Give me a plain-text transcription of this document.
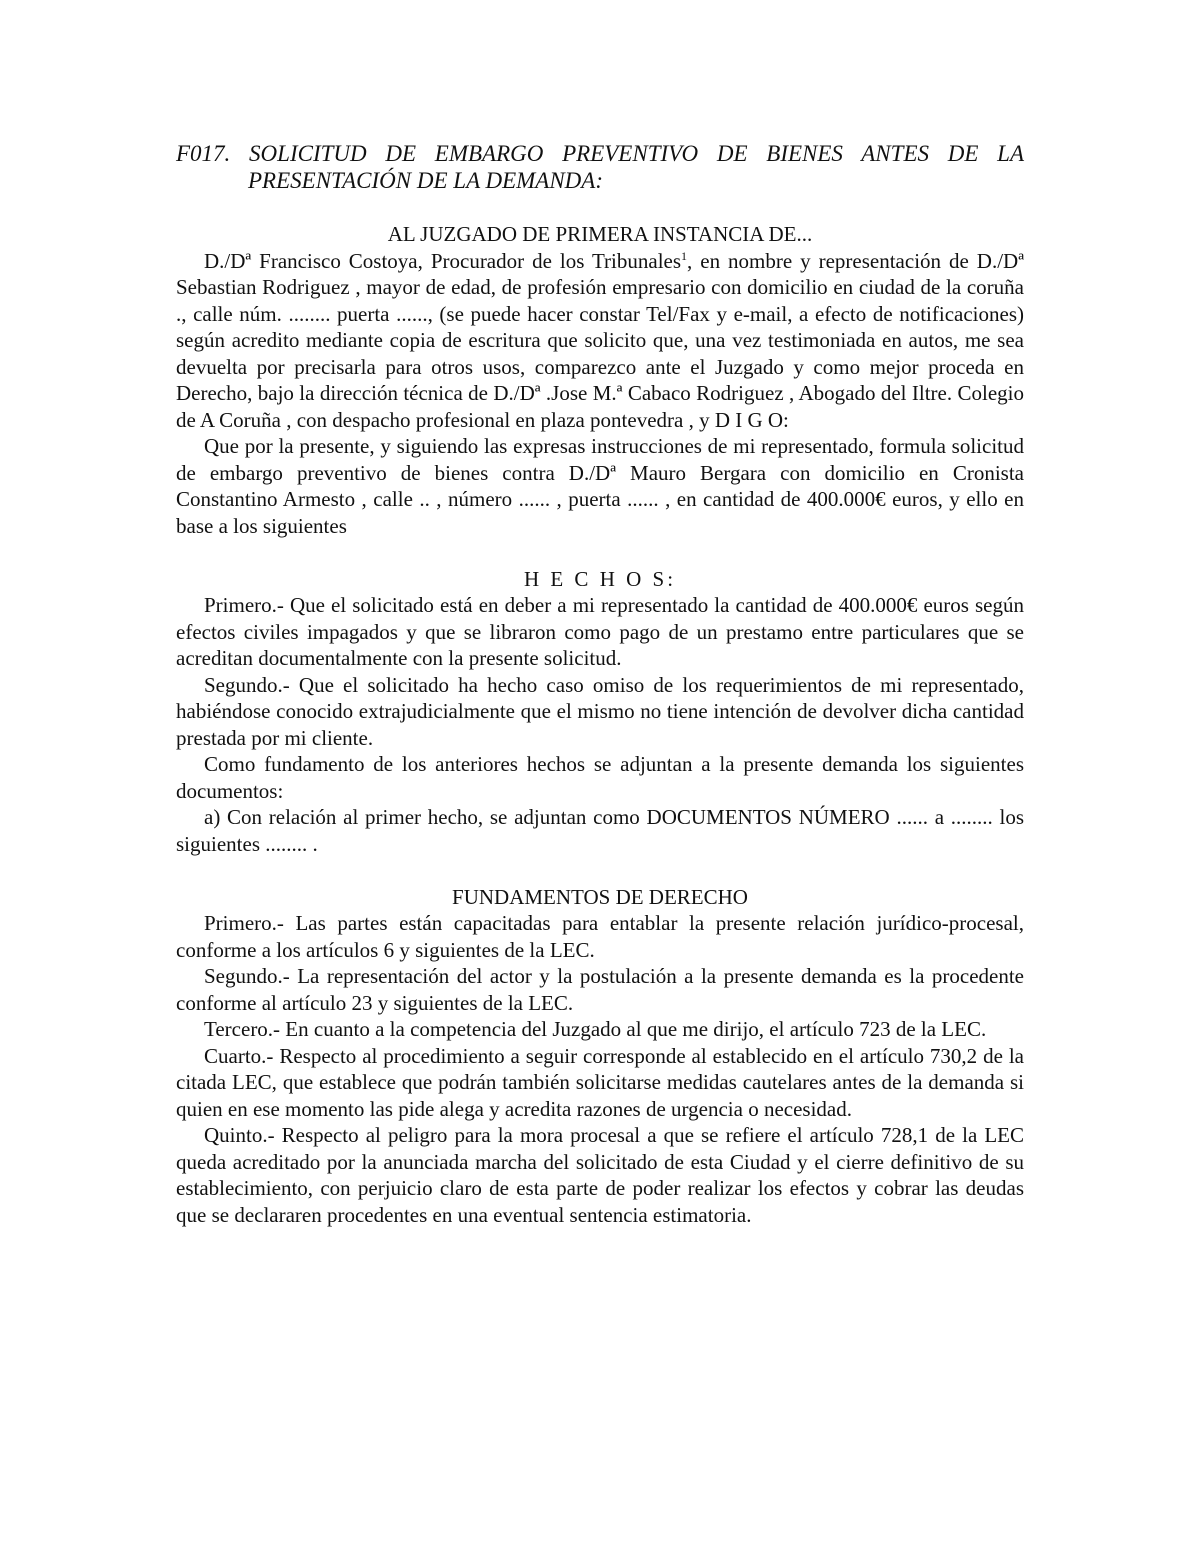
F017. SOLICITUD DE EMBARGO PREVENTIVO DE BIENES ANTES DE LA PRESENTACIÓN DE LA DEMANDA:

AL JUZGADO DE PRIMERA INSTANCIA DE...

D./Dª Francisco Costoya, Procurador de los Tribunales$^1$, en nombre y representación de D./Dª Sebastian Rodriguez , mayor de edad, de profesión empresario con domicilio en ciudad de la coruña ., calle núm. ........ puerta ......, (se puede hacer constar Tel/Fax y e-mail, a efecto de notificaciones) según acredito mediante copia de escritura que solicito que, una vez testimoniada en autos, me sea devuelta por precisarla para otros usos, comparezco ante el Juzgado y como mejor proceda en Derecho, bajo la dirección técnica de D./Dª .Jose M.ª Cabaco Rodriguez , Abogado del Iltre. Colegio de A Coruña , con despacho profesional en plaza pontevedra , y D I G O:

Que por la presente, y siguiendo las expresas instrucciones de mi representado, formula solicitud de embargo preventivo de bienes contra D./Dª Mauro Bergara con domicilio en Cronista Constantino Armesto , calle .. , número ...... , puerta ...... , en cantidad de 400.000€ euros, y ello en base a los siguientes

H E C H O S:

Primero.- Que el solicitado está en deber a mi representado la cantidad de 400.000€ euros según efectos civiles impagados y que se libraron como pago de un prestamo entre particulares que se acreditan documentalmente con la presente solicitud.

Segundo.- Que el solicitado ha hecho caso omiso de los requerimientos de mi representado, habiéndose conocido extrajudicialmente que el mismo no tiene intención de devolver dicha cantidad prestada por mi cliente.

Como fundamento de los anteriores hechos se adjuntan a la presente demanda los siguientes documentos:

a) Con relación al primer hecho, se adjuntan como DOCUMENTOS NÚMERO ...... a ........ los siguientes ........ .

FUNDAMENTOS DE DERECHO

Primero.- Las partes están capacitadas para entablar la presente relación jurídico-procesal, conforme a los artículos 6 y siguientes de la LEC.

Segundo.- La representación del actor y la postulación a la presente demanda es la procedente conforme al artículo 23 y siguientes de la LEC.

Tercero.- En cuanto a la competencia del Juzgado al que me dirijo, el artículo 723 de la LEC.

Cuarto.- Respecto al procedimiento a seguir corresponde al establecido en el artículo 730,2 de la citada LEC, que establece que podrán también solicitarse medidas cautelares antes de la demanda si quien en ese momento las pide alega y acredita razones de urgencia o necesidad.

Quinto.- Respecto al peligro para la mora procesal a que se refiere el artículo 728,1 de la LEC queda acreditado por la anunciada marcha del solicitado de esta Ciudad y el cierre definitivo de su establecimiento, con perjuicio claro de esta parte de poder realizar los efectos y cobrar las deudas que se declararen procedentes en una eventual sentencia estimatoria.
